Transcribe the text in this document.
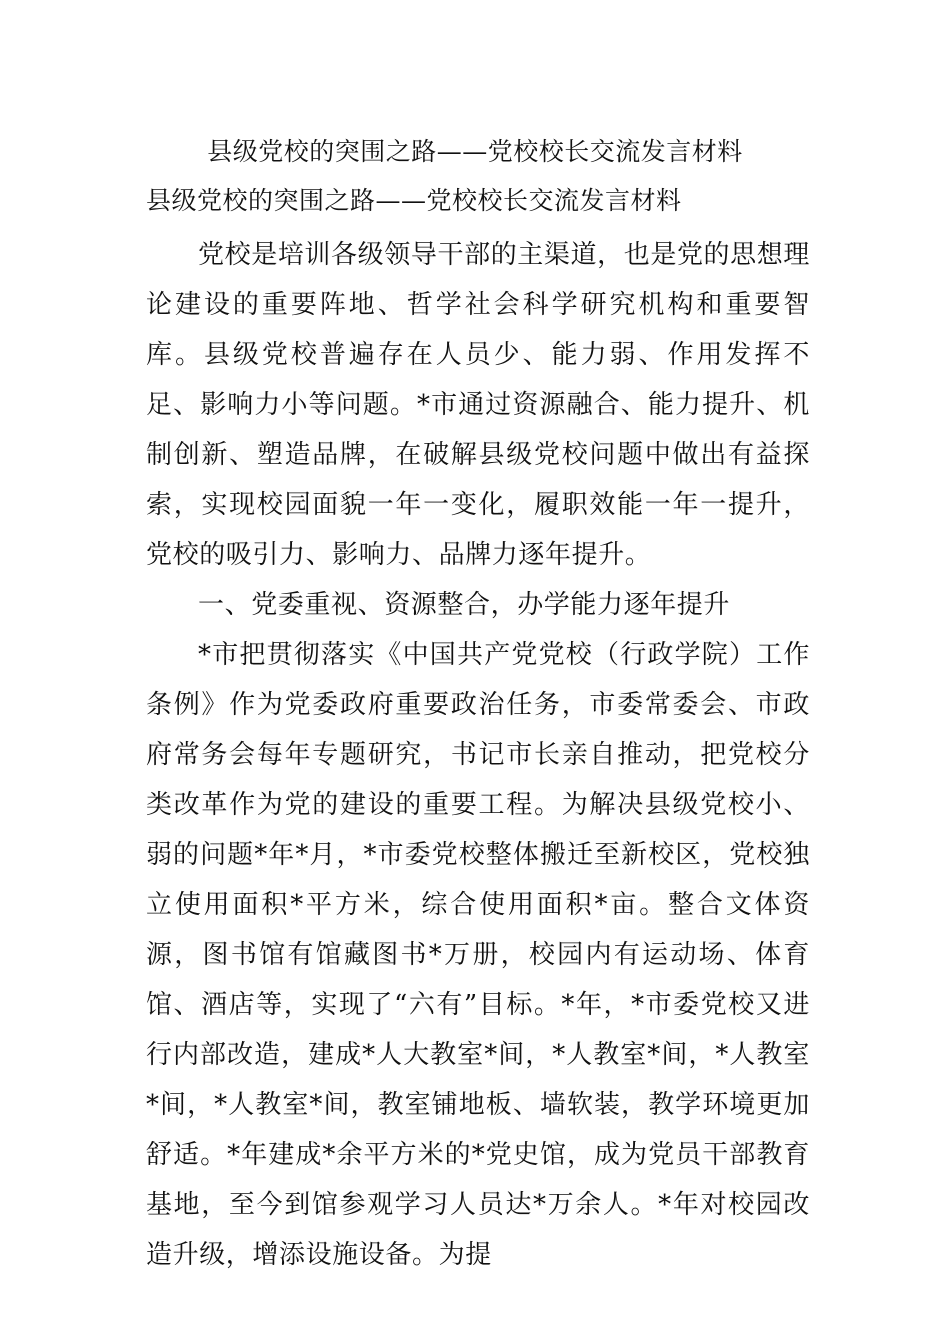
县级党校的突围之路——党校校长交流发言材料
县级党校的突围之路——党校校长交流发言材料

党校是培训各级领导干部的主渠道，也是党的思想理论建设的重要阵地、哲学社会科学研究机构和重要智库。县级党校普遍存在人员少、能力弱、作用发挥不足、影响力小等问题。*市通过资源融合、能力提升、机制创新、塑造品牌，在破解县级党校问题中做出有益探索，实现校园面貌一年一变化，履职效能一年一提升，党校的吸引力、影响力、品牌力逐年提升。

一、党委重视、资源整合，办学能力逐年提升

*市把贯彻落实《中国共产党党校（行政学院）工作条例》作为党委政府重要政治任务，市委常委会、市政府常务会每年专题研究，书记市长亲自推动，把党校分类改革作为党的建设的重要工程。为解决县级党校小、弱的问题*年*月，*市委党校整体搬迁至新校区，党校独立使用面积*平方米，综合使用面积*亩。整合文体资源，图书馆有馆藏图书*万册，校园内有运动场、体育馆、酒店等，实现了“六有”目标。*年，*市委党校又进行内部改造，建成*人大教室*间，*人教室*间，*人教室*间，*人教室*间，教室铺地板、墙软装，教学环境更加舒适。*年建成*余平方米的*党史馆，成为党员干部教育基地，至今到馆参观学习人员达*万余人。*年对校园改造升级，增添设施设备。为提
